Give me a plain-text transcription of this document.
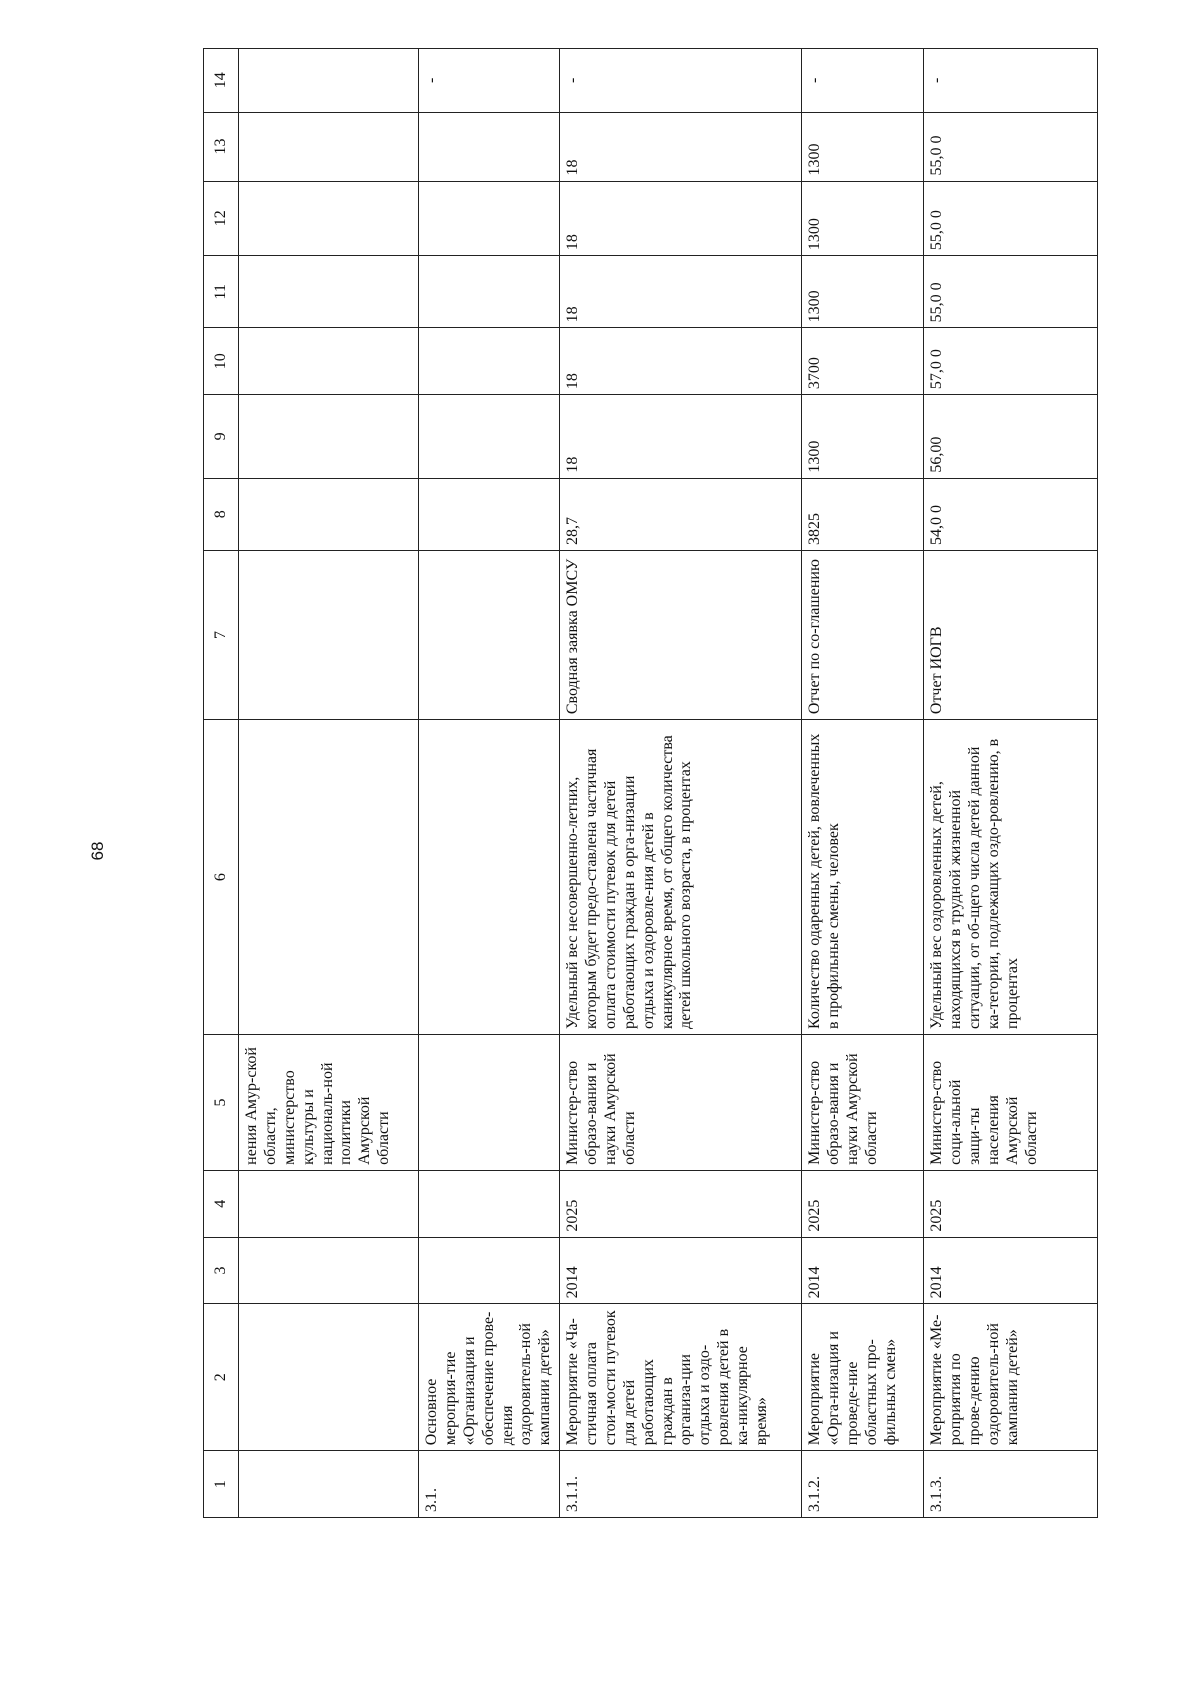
68
1	2	3	4	5	6	7	8	9	10	11	12	13	14
				нения Амур-ской области, министерство культуры и националь-ной политики Амурской области									
3.1.	Основное мероприя-тие «Организация и обеспечение прове-дения оздоровитель-ной кампании детей»												-
3.1.1.	Мероприятие «Ча-стичная оплата стои-мости путевок для детей работающих граждан в организа-ции отдыха и оздо-ровления детей в ка-никулярное время»	2014	2025	Министер-ство образо-вания и науки Амурской области	Удельный вес несовершенно-летних, которым будет предо-ставлена частичная оплата стоимости путевок для детей работающих граждан в орга-низации отдыха и оздоровле-ния детей в каникулярное время, от общего количества детей школьного возраста, в процентах	Сводная заявка ОМСУ	28,7	18	18	18	18	18	-
3.1.2.	Мероприятие «Орга-низация и проведе-ние областных про-фильных смен»	2014	2025	Министер-ство образо-вания и науки Амурской области	Количество одаренных детей, вовлеченных в профильные смены, человек	Отчет по со-глашению	3825	1300	3700	1300	1300	1300	-
3.1.3.	Мероприятие «Ме-роприятия по прове-дению оздоровитель-ной кампании детей»	2014	2025	Министер-ство соци-альной защи-ты населения Амурской области	Удельный вес оздоровленных детей, находящихся в трудной жизненной ситуации, от об-щего числа детей данной ка-тегории, подлежащих оздо-ровлению, в процентах	Отчет ИОГВ	54,0 0	56,00	57,0 0	55,0 0	55,0 0	55,0 0	-
